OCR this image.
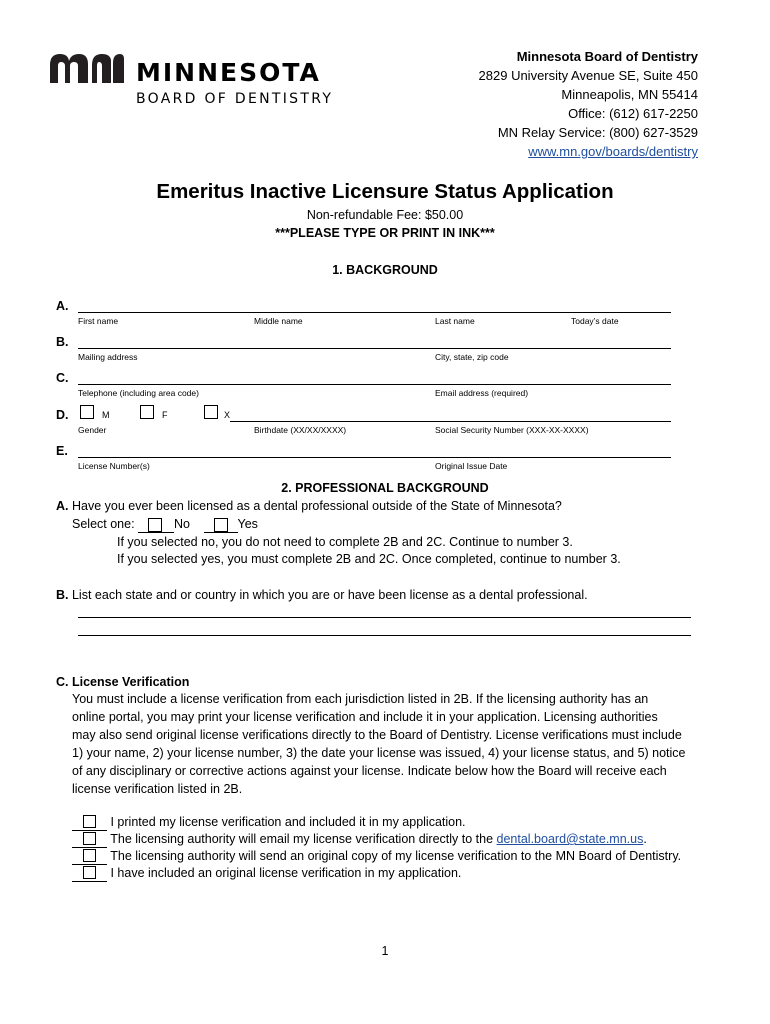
MINNESOTA
BOARD OF DENTISTRY
Minnesota Board of Dentistry
2829 University Avenue SE, Suite 450
Minneapolis, MN 55414
Office: (612) 617-2250
MN Relay Service: (800) 627-3529
www.mn.gov/boards/dentistry
Emeritus Inactive Licensure Status Application
Non-refundable Fee: $50.00
***PLEASE TYPE OR PRINT IN INK***
1. BACKGROUND
A.
First name	Middle name	Last name	Today’s date
B.
Mailing address	City, state, zip code
C.
Telephone (including area code)	Email address (required)
D.	M	F	X
Gender	Birthdate (XX/XX/XXXX)	Social Security Number (XXX-XX-XXXX)
E.
License Number(s)	Original Issue Date
2. PROFESSIONAL BACKGROUND
A. Have you ever been licensed as a dental professional outside of the State of Minnesota?
Select one:	No	Yes
If you selected no, you do not need to complete 2B and 2C. Continue to number 3.
If you selected yes, you must complete 2B and 2C. Once completed, continue to number 3.
B. List each state and or country in which you are or have been license as a dental professional.
C. License Verification
You must include a license verification from each jurisdiction listed in 2B. If the licensing authority has an
online portal, you may print your license verification and include it in your application. Licensing authorities
may also send original license verifications directly to the Board of Dentistry. License verifications must include
1) your name, 2) your license number, 3) the date your license was issued, 4) your license status, and 5) notice
of any disciplinary or corrective actions against your license. Indicate below how the Board will receive each
license verification listed in 2B.
I printed my license verification and included it in my application.
The licensing authority will email my license verification directly to the dental.board@state.mn.us.
The licensing authority will send an original copy of my license verification to the MN Board of Dentistry.
I have included an original license verification in my application.
1
